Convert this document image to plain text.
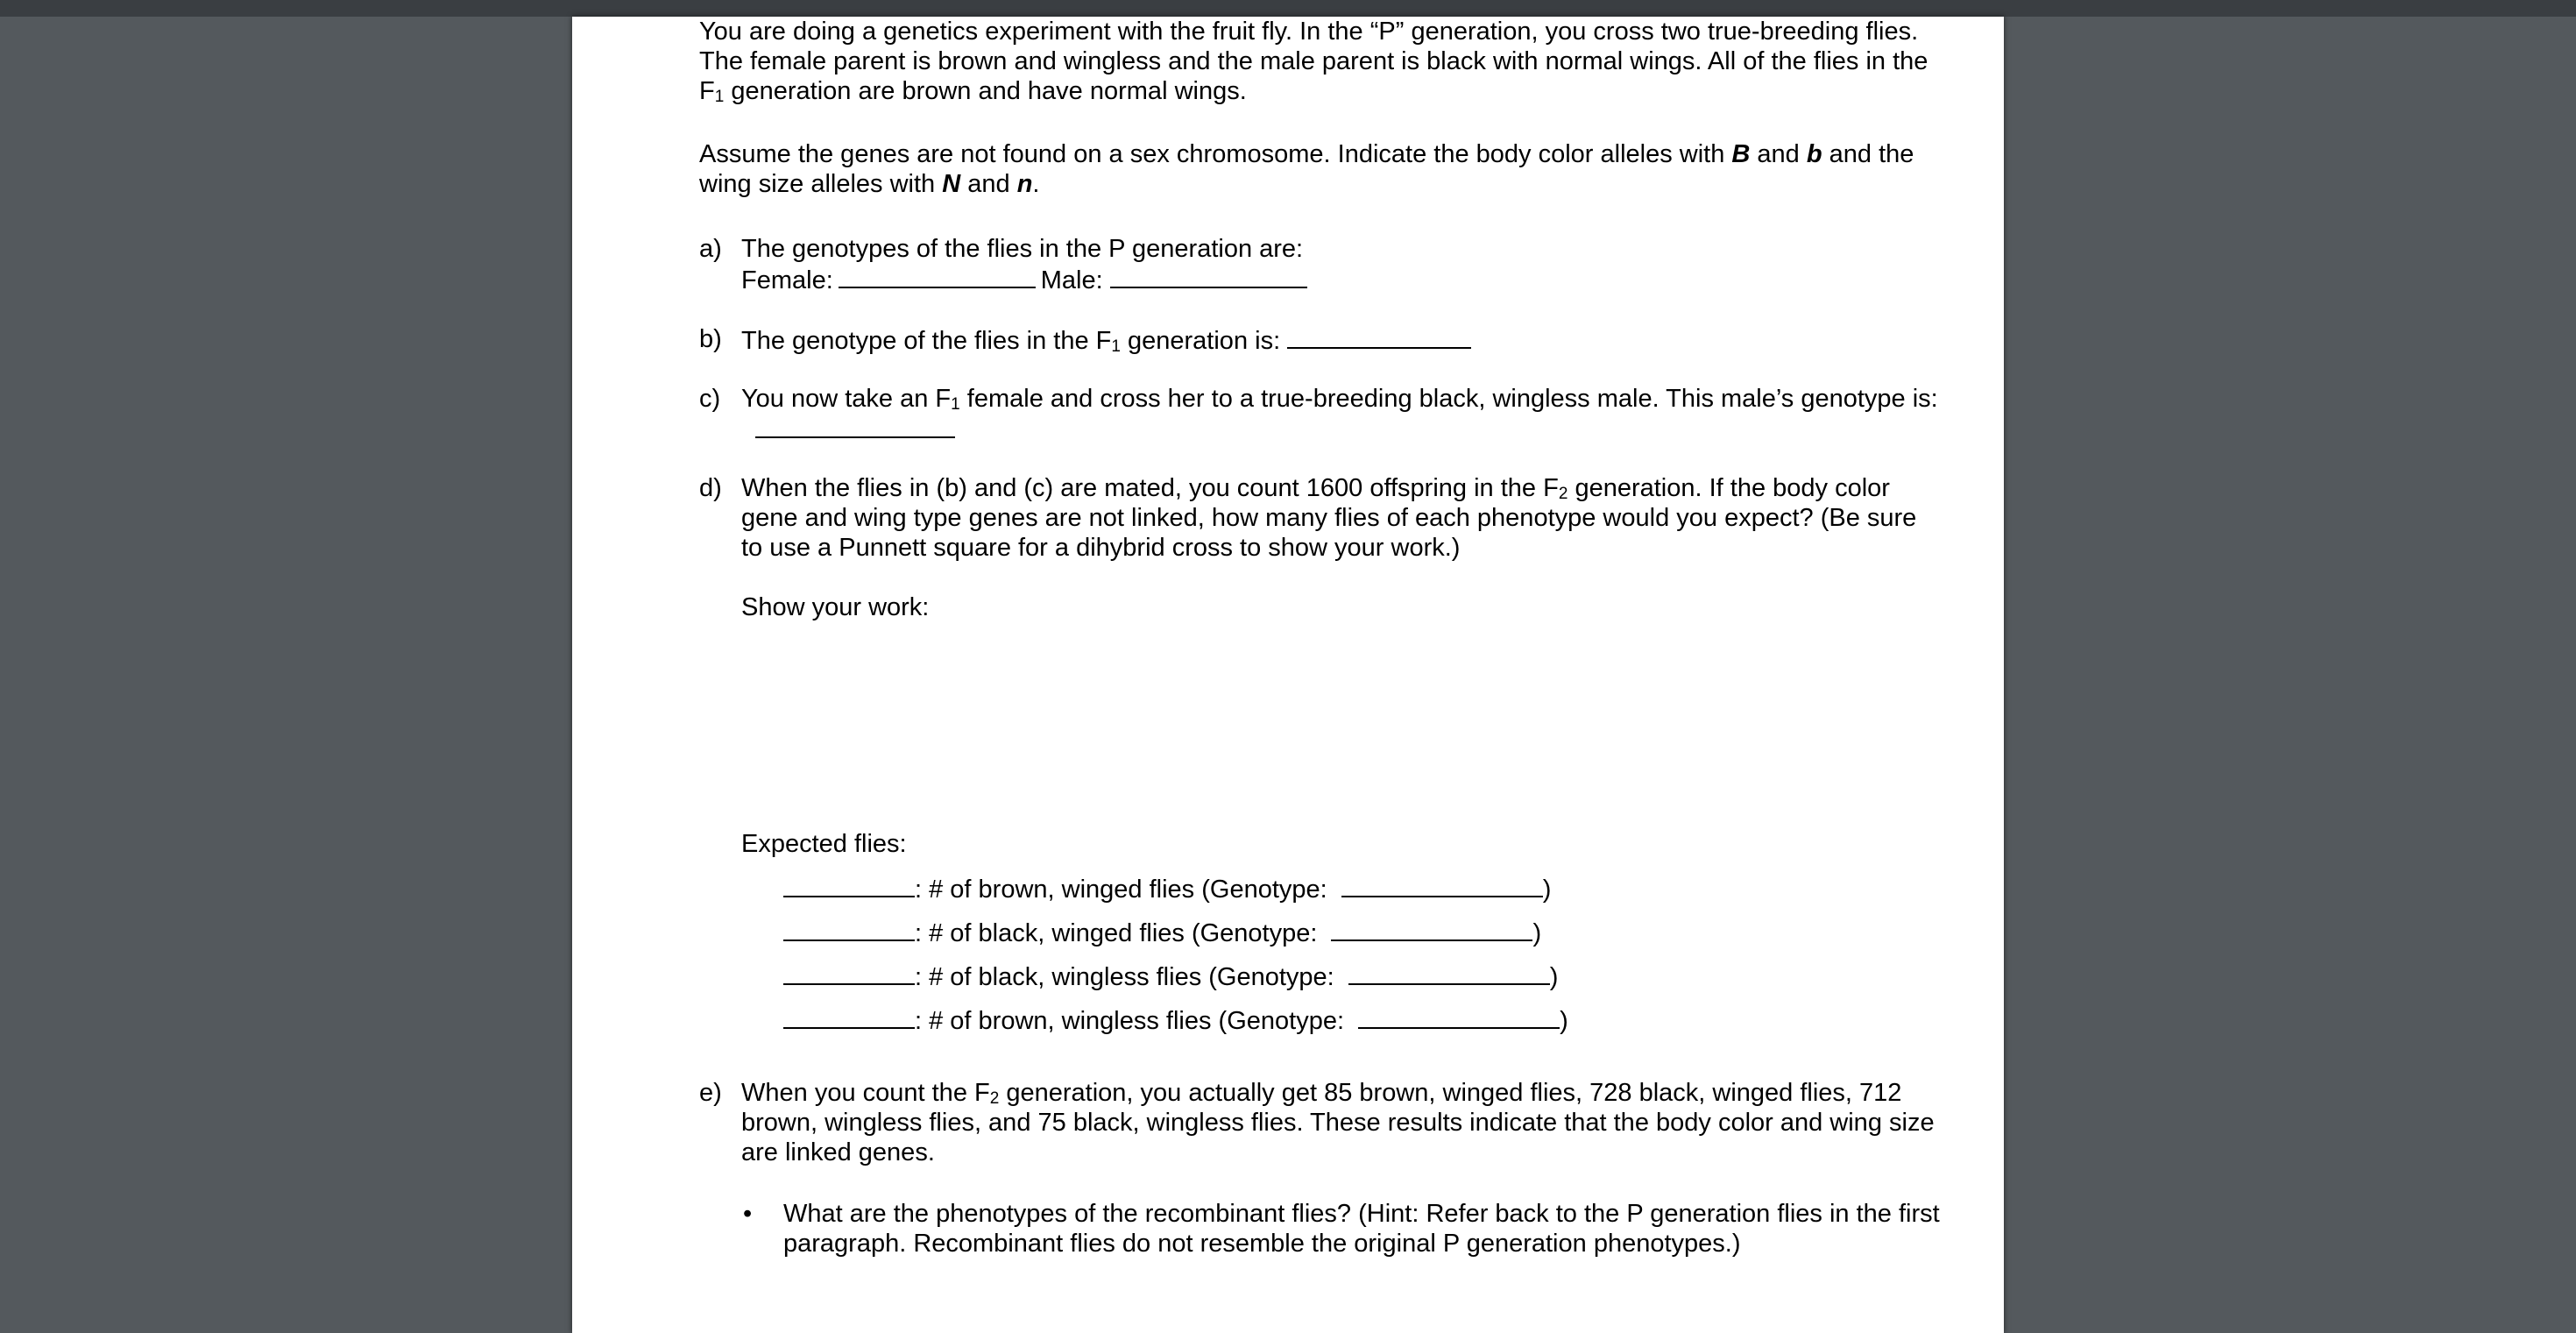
You are doing a genetics experiment with the fruit fly. In the “P” generation, you cross two true-breeding flies. The female parent is brown and wingless and the male parent is black with normal wings. All of the flies in the $F_1$ generation are brown and have normal wings.

Assume the genes are not found on a sex chromosome. Indicate the body color alleles with B and b and the wing size alleles with N and n.

a) The genotypes of the flies in the P generation are:
Female:	Male:
b) The genotype of the flies in the $F_1$ generation is:
c) You now take an $F_1$ female and cross her to a true-breeding black, wingless male. This male’s genotype is:
d) When the flies in (b) and (c) are mated, you count 1600 offspring in the $F_2$ generation. If the body color gene and wing type genes are not linked, how many flies of each phenotype would you expect? (Be sure to use a Punnett square for a dihybrid cross to show your work.)
Show your work:
Expected flies:
: # of brown, winged flies (Genotype:	)
: # of black, winged flies (Genotype:	)
: # of black, wingless flies (Genotype:	)
: # of brown, wingless flies (Genotype:	)
e) When you count the $F_2$ generation, you actually get 85 brown, winged flies, 728 black, winged flies, 712 brown, wingless flies, and 75 black, wingless flies. These results indicate that the body color and wing size are linked genes.
• What are the phenotypes of the recombinant flies? (Hint: Refer back to the P generation flies in the first paragraph. Recombinant flies do not resemble the original P generation phenotypes.)
